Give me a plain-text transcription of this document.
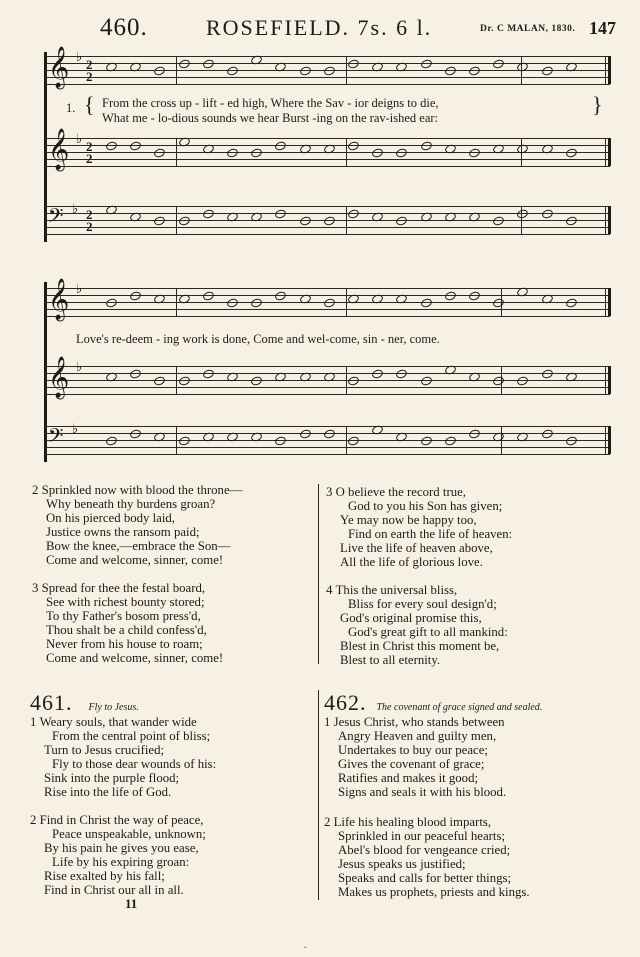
460.	ROSEFIELD. 7s. 6 l.	Dr. C MALAN, 1830. 147
𝄞 ♭ 2
2
1. { From the cross up - lift - ed high, Where the Sav - ior deigns to die,
What me - lo-dious sounds we hear Burst -ing on the rav-ished ear:
}
𝄞 ♭ 2
2
𝄢 ♭ 2
2
𝄞 ♭
Love's re-deem - ing work is done, Come and wel-come, sin - ner, come.
𝄞 ♭
𝄢 ♭
2 Sprinkled now with blood the throne—
Why beneath thy burdens groan?
On his pierced body laid,
Justice owns the ransom paid;
Bow the knee,—embrace the Son—
Come and welcome, sinner, come!
3 Spread for thee the festal board,
See with richest bounty stored;
To thy Father's bosom press'd,
Thou shalt be a child confess'd,
Never from his house to roam;
Come and welcome, sinner, come!
3 O believe the record true,
God to you his Son has given;
Ye may now be happy too,
Find on earth the life of heaven:
Live the life of heaven above,
All the life of glorious love.
4 This the universal bliss,
Bliss for every soul design'd;
God's original promise this,
God's great gift to all mankind:
Blest in Christ this moment be,
Blest to all eternity.
461. Fly to Jesus.
1 Weary souls, that wander wide
From the central point of bliss;
Turn to Jesus crucified;
Fly to those dear wounds of his:
Sink into the purple flood;
Rise into the life of God.
2 Find in Christ the way of peace,
Peace unspeakable, unknown;
By his pain he gives you ease,
Life by his expiring groan:
Rise exalted by his fall;
Find in Christ our all in all.
462. The covenant of grace signed and sealed.
1 Jesus Christ, who stands between
Angry Heaven and guilty men,
Undertakes to buy our peace;
Gives the covenant of grace;
Ratifies and makes it good;
Signs and seals it with his blood.
2 Life his healing blood imparts,
Sprinkled in our peaceful hearts;
Abel's blood for vengeance cried;
Jesus speaks us justified;
Speaks and calls for better things;
Makes us prophets, priests and kings.
11
.
